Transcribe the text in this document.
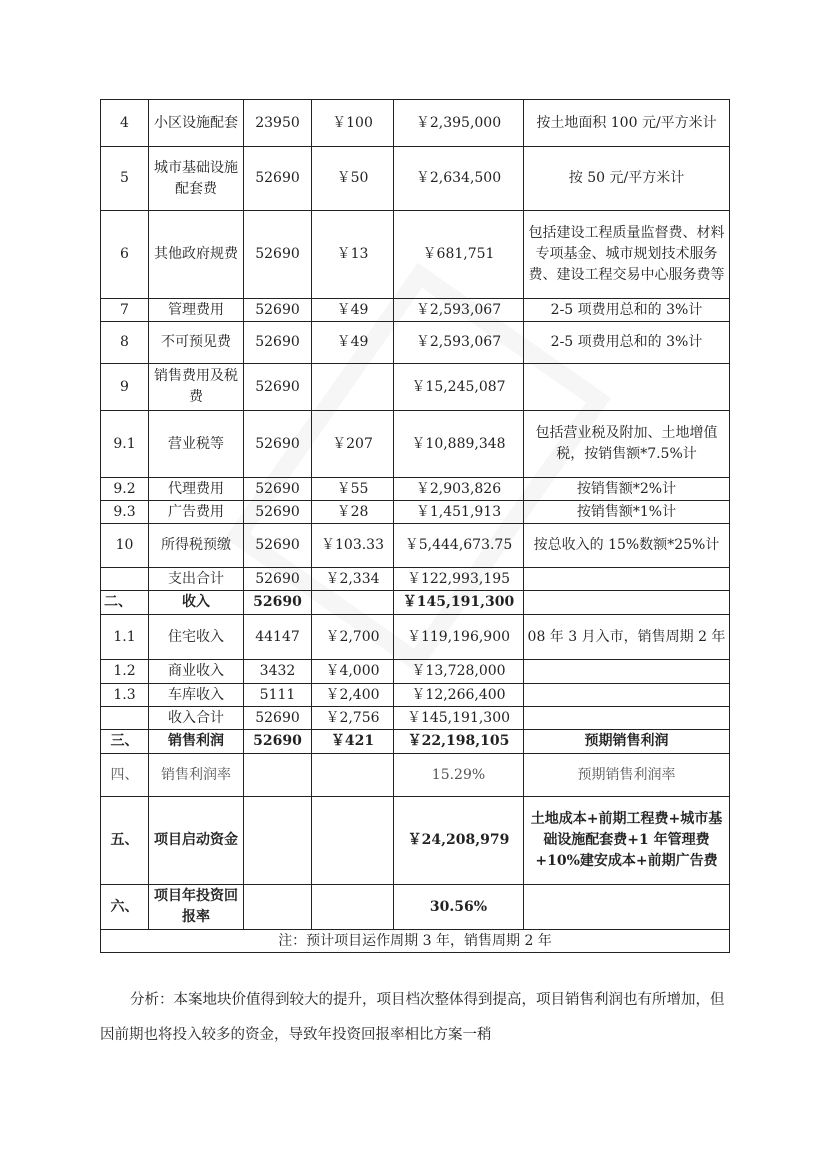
4	小区设施配套	23950	￥100	￥2,395,000	按土地面积 100 元/平方米计
5	城市基础设施配套费	52690	￥50	￥2,634,500	按 50 元/平方米计
6	其他政府规费	52690	￥13	￥681,751	包括建设工程质量监督费、材料专项基金、城市规划技术服务费、建设工程交易中心服务费等
7	管理费用	52690	￥49	￥2,593,067	2-5 项费用总和的 3%计
8	不可预见费	52690	￥49	￥2,593,067	2-5 项费用总和的 3%计
9	销售费用及税费	52690		￥15,245,087	
9.1	营业税等	52690	￥207	￥10,889,348	包括营业税及附加、土地增值税，按销售额*7.5%计
9.2	代理费用	52690	￥55	￥2,903,826	按销售额*2%计
9.3	广告费用	52690	￥28	￥1,451,913	按销售额*1%计
10	所得税预缴	52690	￥103.33	￥5,444,673.75	按总收入的 15%数额*25%计
	支出合计	52690	￥2,334	￥122,993,195	
二、	收入	52690		￥145,191,300	
1.1	住宅收入	44147	￥2,700	￥119,196,900	08 年 3 月入市，销售周期 2 年
1.2	商业收入	3432	￥4,000	￥13,728,000	
1.3	车库收入	5111	￥2,400	￥12,266,400	
	收入合计	52690	￥2,756	￥145,191,300	
三、	销售利润	52690	￥421	￥22,198,105	预期销售利润
四、	销售利润率			15.29%	预期销售利润率
五、	项目启动资金			￥24,208,979	土地成本+前期工程费+城市基础设施配套费+1 年管理费+10%建安成本+前期广告费
六、	项目年投资回报率			30.56%	
注：预计项目运作周期 3 年，销售周期 2 年					
分析：本案地块价值得到较大的提升，项目档次整体得到提高，项目销售利润也有所增加，但因前期也将投入较多的资金，导致年投资回报率相比方案一稍
